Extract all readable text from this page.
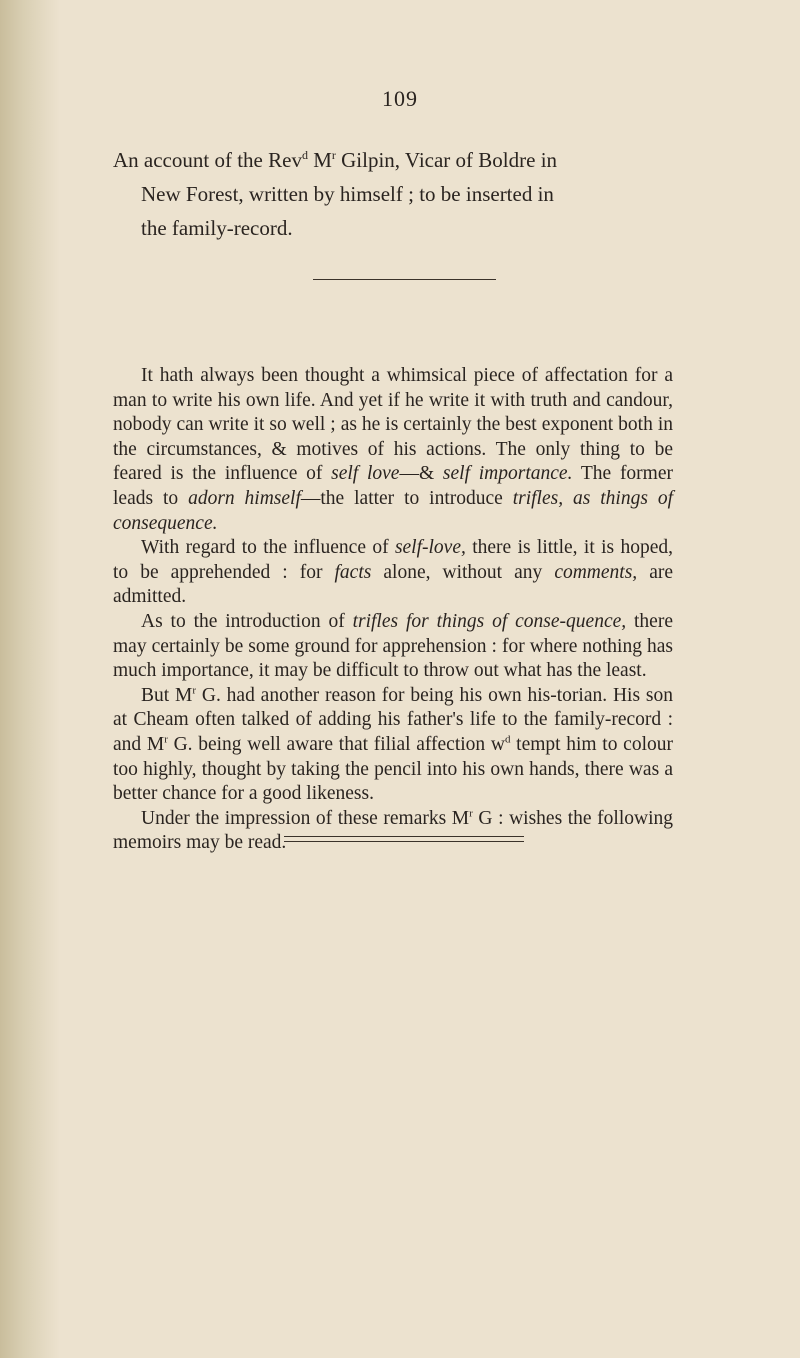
109
An account of the Rev$^d$ $M^r$ Gilpin, Vicar of Boldre in
New Forest, written by himself ; to be inserted in
the family-record.

It hath always been thought a whimsical piece of affectation for a man to write his own life. And yet if he write it with truth and candour, nobody can write it so well ; as he is certainly the best exponent both in the circumstances, & motives of his actions. The only thing to be feared is the influence of self love—& self importance. The former leads to adorn himself—the latter to introduce trifles, as things of consequence.

With regard to the influence of self-love, there is little, it is hoped, to be apprehended : for facts alone, without any comments, are admitted.

As to the introduction of trifles for things of conse-quence, there may certainly be some ground for apprehension : for where nothing has much importance, it may be difficult to throw out what has the least.

But $M^r$ G. had another reason for being his own his-torian. His son at Cheam often talked of adding his father's life to the family-record : and $M^r$ G. being well aware that filial affection $w^d$ tempt him to colour too highly, thought by taking the pencil into his own hands, there was a better chance for a good likeness.

Under the impression of these remarks $M^r$ G : wishes the following memoirs may be read.
